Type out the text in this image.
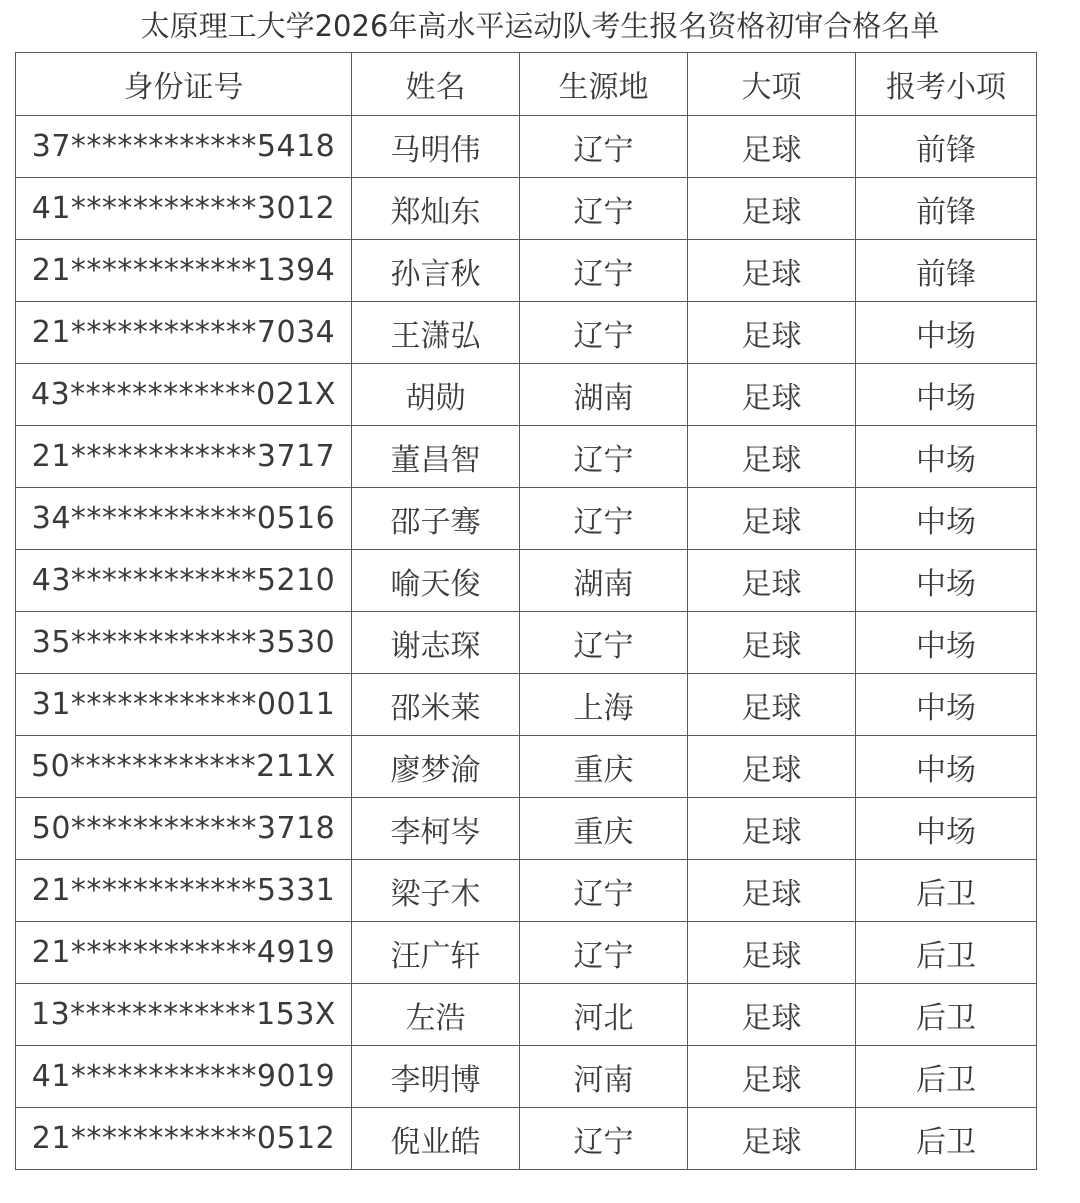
太原理工大学2026年高水平运动队考生报名资格初审合格名单
身份证号	姓名	生源地	大项	报考小项
37************5418	马明伟	辽宁	足球	前锋
41************3012	郑灿东	辽宁	足球	前锋
21************1394	孙言秋	辽宁	足球	前锋
21************7034	王潇弘	辽宁	足球	中场
43************021X	胡勋	湖南	足球	中场
21************3717	董昌智	辽宁	足球	中场
34************0516	邵子骞	辽宁	足球	中场
43************5210	喻天俊	湖南	足球	中场
35************3530	谢志琛	辽宁	足球	中场
31************0011	邵米莱	上海	足球	中场
50************211X	廖梦渝	重庆	足球	中场
50************3718	李柯岑	重庆	足球	中场
21************5331	梁子木	辽宁	足球	后卫
21************4919	汪广轩	辽宁	足球	后卫
13************153X	左浩	河北	足球	后卫
41************9019	李明博	河南	足球	后卫
21************0512	倪业皓	辽宁	足球	后卫
